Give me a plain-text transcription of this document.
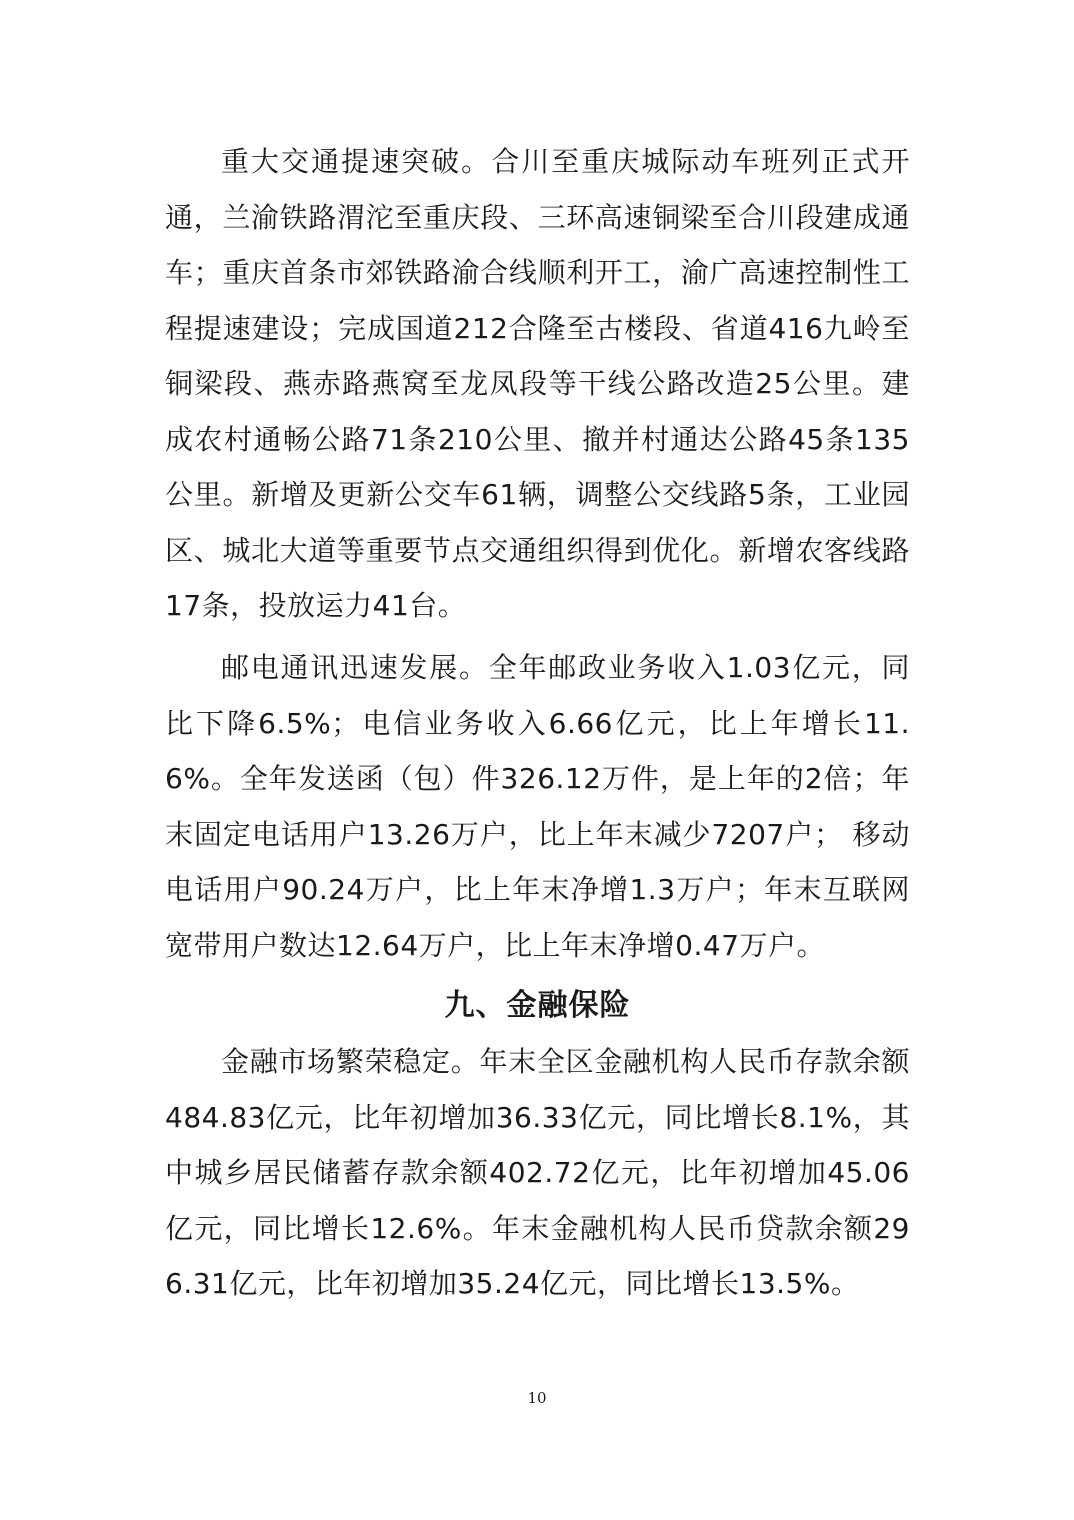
重大交通提速突破。合川至重庆城际动车班列正式开通，兰渝铁路渭沱至重庆段、三环高速铜梁至合川段建成通车；重庆首条市郊铁路渝合线顺利开工，渝广高速控制性工程提速建设；完成国道212合隆至古楼段、省道416九岭至铜梁段、燕赤路燕窝至龙凤段等干线公路改造25公里。建成农村通畅公路71条210公里、撤并村通达公路45条135公里。新增及更新公交车61辆，调整公交线路5条，工业园区、城北大道等重要节点交通组织得到优化。新增农客线路17条，投放运力41台。

邮电通讯迅速发展。全年邮政业务收入1.03亿元，同比下降6.5%；电信业务收入6.66亿元，比上年增长11.6%。全年发送函（包）件326.12万件，是上年的2倍；年末固定电话用户13.26万户，比上年末减少7207户； 移动电话用户90.24万户，比上年末净增1.3万户；年末互联网宽带用户数达12.64万户，比上年末净增0.47万户。

九、金融保险

金融市场繁荣稳定。年末全区金融机构人民币存款余额484.83亿元，比年初增加36.33亿元，同比增长8.1%，其中城乡居民储蓄存款余额402.72亿元，比年初增加45.06亿元，同比增长12.6%。年末金融机构人民币贷款余额296.31亿元，比年初增加35.24亿元，同比增长13.5%。

10
